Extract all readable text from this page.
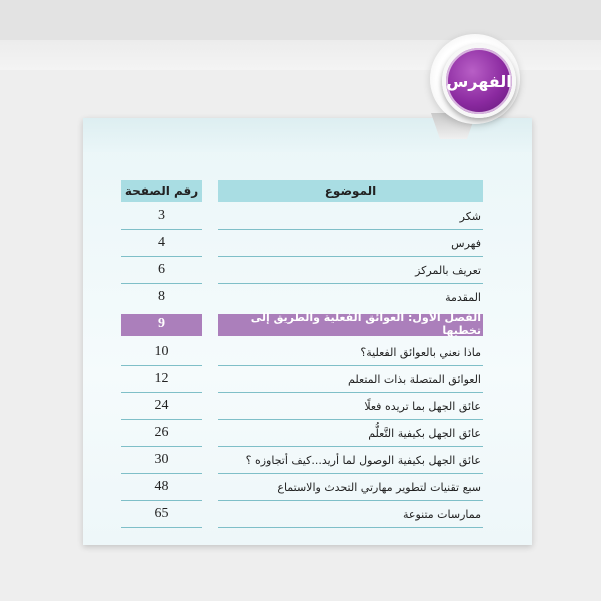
الفهرس
الموضوع
رقم الصفحة
شكر
3
فهرس
4
تعريف بالمركز
6
المقدمة
8
الفصل الأول: العوائق الفعلية والطريق إلى تخطيها
9
ماذا نعني بالعوائق الفعلية؟
10
العوائق المتصلة بذات المتعلم
12
عائق الجهل بما تريده فعلًا
24
عائق الجهل بكيفية التَّعلُّم
26
عائق الجهل بكيفية الوصول لما أريد...كيف أتجاوزه ؟
30
سبع تقنيات لتطوير مهارتي التحدث والاستماع
48
ممارسات متنوعة
65
